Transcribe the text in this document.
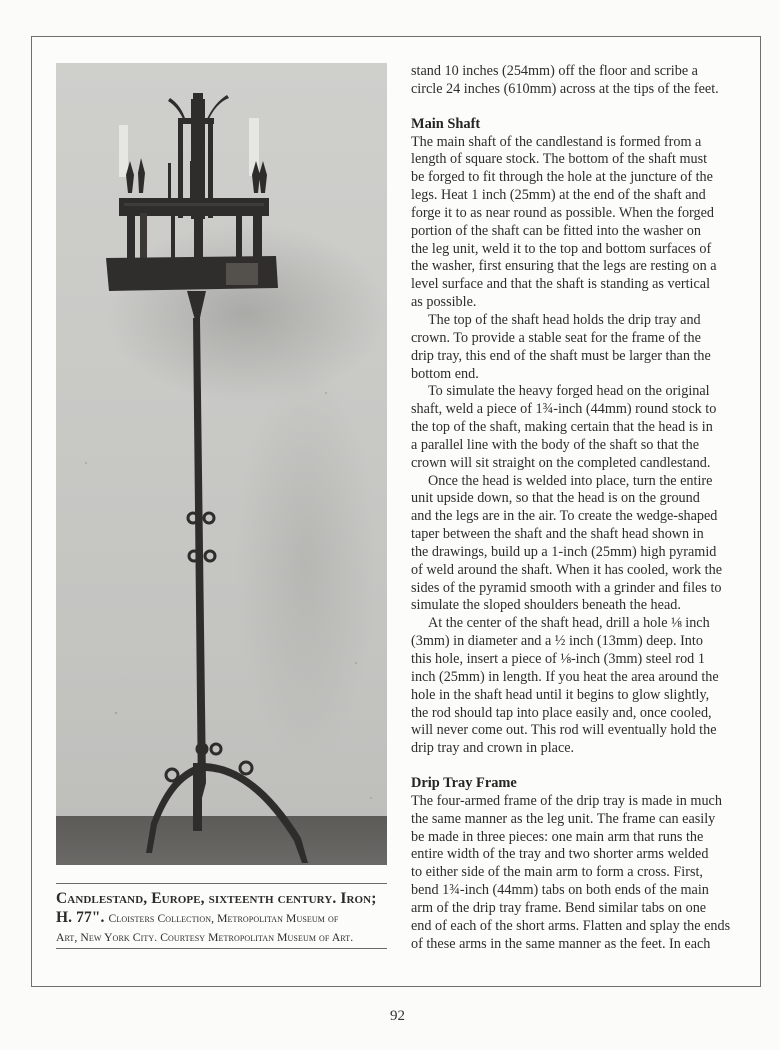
Candlestand, Europe, sixteenth century. Iron;
H. 77". Cloisters Collection, Metropolitan Museum of
Art, New York City. Courtesy Metropolitan Museum of Art.
stand 10 inches (254mm) off the floor and scribe a
circle 24 inches (610mm) across at the tips of the feet.
Main Shaft
The main shaft of the candlestand is formed from a
length of square stock. The bottom of the shaft must
be forged to fit through the hole at the juncture of the
legs. Heat 1 inch (25mm) at the end of the shaft and
forge it to as near round as possible. When the forged
portion of the shaft can be fitted into the washer on
the leg unit, weld it to the top and bottom surfaces of
the washer, first ensuring that the legs are resting on a
level surface and that the shaft is standing as vertical
as possible.
The top of the shaft head holds the drip tray and
crown. To provide a stable seat for the frame of the
drip tray, this end of the shaft must be larger than the
bottom end.
To simulate the heavy forged head on the original
shaft, weld a piece of 1¾-inch (44mm) round stock to
the top of the shaft, making certain that the head is in
a parallel line with the body of the shaft so that the
crown will sit straight on the completed candlestand.
Once the head is welded into place, turn the entire
unit upside down, so that the head is on the ground
and the legs are in the air. To create the wedge-shaped
taper between the shaft and the shaft head shown in
the drawings, build up a 1-inch (25mm) high pyramid
of weld around the shaft. When it has cooled, work the
sides of the pyramid smooth with a grinder and files to
simulate the sloped shoulders beneath the head.
At the center of the shaft head, drill a hole ⅛ inch
(3mm) in diameter and a ½ inch (13mm) deep. Into
this hole, insert a piece of ⅛-inch (3mm) steel rod 1
inch (25mm) in length. If you heat the area around the
hole in the shaft head until it begins to glow slightly,
the rod should tap into place easily and, once cooled,
will never come out. This rod will eventually hold the
drip tray and crown in place.
Drip Tray Frame
The four-armed frame of the drip tray is made in much
the same manner as the leg unit. The frame can easily
be made in three pieces: one main arm that runs the
entire width of the tray and two shorter arms welded
to either side of the main arm to form a cross. First,
bend 1¾-inch (44mm) tabs on both ends of the main
arm of the drip tray frame. Bend similar tabs on one
end of each of the short arms. Flatten and splay the ends
of these arms in the same manner as the feet. In each
92
